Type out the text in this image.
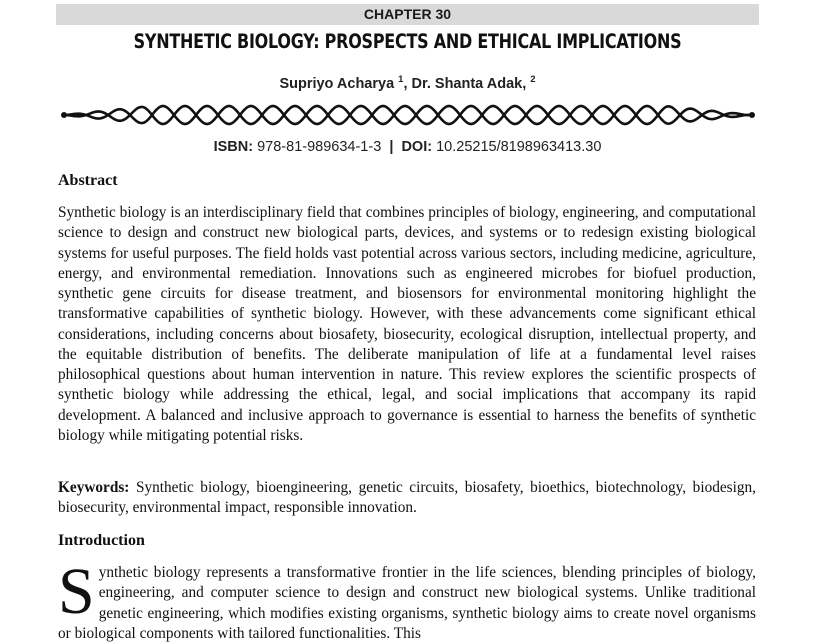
CHAPTER 30
SYNTHETIC BIOLOGY: PROSPECTS AND ETHICAL IMPLICATIONS
Supriyo Acharya $^1$, Dr. Shanta Adak, $^2$
ISBN: 978-81-989634-1-3 | DOI: 10.25215/8198963413.30
Abstract

Synthetic biology is an interdisciplinary field that combines principles of biology, engineering, and computational science to design and construct new biological parts, devices, and systems or to redesign existing biological systems for useful purposes. The field holds vast potential across various sectors, including medicine, agriculture, energy, and environmental remediation. Innovations such as engineered microbes for biofuel production, synthetic gene circuits for disease treatment, and biosensors for environmental monitoring highlight the transformative capabilities of synthetic biology. However, with these advancements come significant ethical considerations, including concerns about biosafety, biosecurity, ecological disruption, intellectual property, and the equitable distribution of benefits. The deliberate manipulation of life at a fundamental level raises philosophical questions about human intervention in nature. This review explores the scientific prospects of synthetic biology while addressing the ethical, legal, and social implications that accompany its rapid development. A balanced and inclusive approach to governance is essential to harness the benefits of synthetic biology while mitigating potential risks.

Keywords: Synthetic biology, bioengineering, genetic circuits, biosafety, bioethics, biotechnology, biodesign, biosecurity, environmental impact, responsible innovation.

Introduction
Synthetic biology represents a transformative frontier in the life sciences, blending principles of biology, engineering, and computer science to design and construct new biological systems. Unlike traditional genetic engineering, which modifies existing organisms, synthetic biology aims to create novel organisms or biological components with tailored functionalities. This
